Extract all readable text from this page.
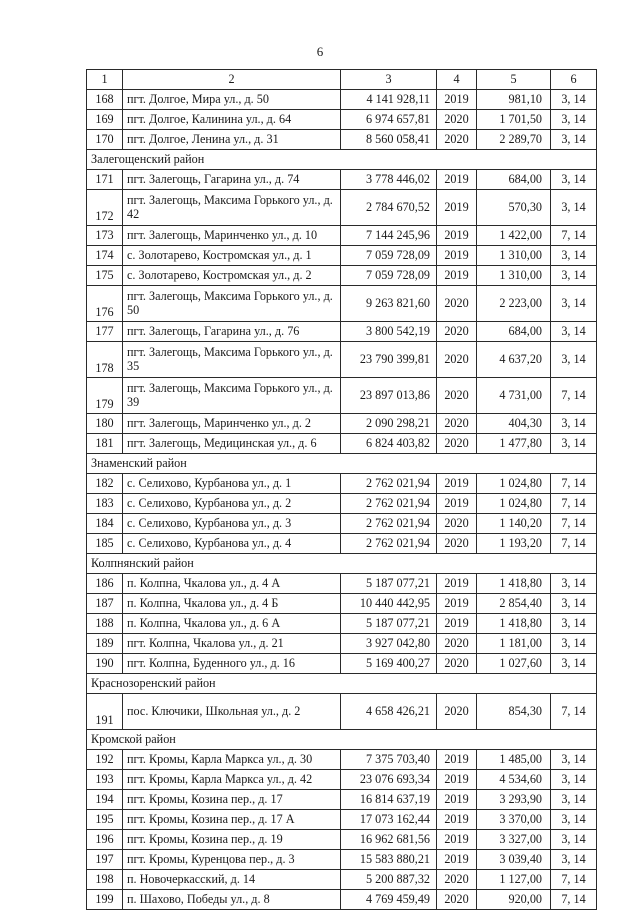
6
1	2	3	4	5	6
168	пгт. Долгое, Мира ул., д. 50	4 141 928,11	2019	981,10	3, 14
169	пгт. Долгое, Калинина ул., д. 64	6 974 657,81	2020	1 701,50	3, 14
170	пгт. Долгое, Ленина ул., д. 31	8 560 058,41	2020	2 289,70	3, 14
Залегощенский район					
171	пгт. Залегощь, Гагарина ул., д. 74	3 778 446,02	2019	684,00	3, 14
172	пгт. Залегощь, Максима Горького ул., д. 42	2 784 670,52	2019	570,30	3, 14
173	пгт. Залегощь, Маринченко ул., д. 10	7 144 245,96	2019	1 422,00	7, 14
174	с. Золотарево, Костромская ул., д. 1	7 059 728,09	2019	1 310,00	3, 14
175	с. Золотарево, Костромская ул., д. 2	7 059 728,09	2019	1 310,00	3, 14
176	пгт. Залегощь, Максима Горького ул., д. 50	9 263 821,60	2020	2 223,00	3, 14
177	пгт. Залегощь, Гагарина ул., д. 76	3 800 542,19	2020	684,00	3, 14
178	пгт. Залегощь, Максима Горького ул., д. 35	23 790 399,81	2020	4 637,20	3, 14
179	пгт. Залегощь, Максима Горького ул., д. 39	23 897 013,86	2020	4 731,00	7, 14
180	пгт. Залегощь, Маринченко ул., д. 2	2 090 298,21	2020	404,30	3, 14
181	пгт. Залегощь, Медицинская ул., д. 6	6 824 403,82	2020	1 477,80	3, 14
Знаменский район					
182	с. Селихово, Курбанова ул., д. 1	2 762 021,94	2019	1 024,80	7, 14
183	с. Селихово, Курбанова ул., д. 2	2 762 021,94	2019	1 024,80	7, 14
184	с. Селихово, Курбанова ул., д. 3	2 762 021,94	2020	1 140,20	7, 14
185	с. Селихово, Курбанова ул., д. 4	2 762 021,94	2020	1 193,20	7, 14
Колпнянский район					
186	п. Колпна, Чкалова ул., д. 4 А	5 187 077,21	2019	1 418,80	3, 14
187	п. Колпна, Чкалова ул., д. 4 Б	10 440 442,95	2019	2 854,40	3, 14
188	п. Колпна, Чкалова ул., д. 6 А	5 187 077,21	2019	1 418,80	3, 14
189	пгт. Колпна, Чкалова ул., д. 21	3 927 042,80	2020	1 181,00	3, 14
190	пгт. Колпна, Буденного ул., д. 16	5 169 400,27	2020	1 027,60	3, 14
Краснозоренский район					
191	пос. Ключики, Школьная ул., д. 2	4 658 426,21	2020	854,30	7, 14
Кромской район					
192	пгт. Кромы, Карла Маркса ул., д. 30	7 375 703,40	2019	1 485,00	3, 14
193	пгт. Кромы, Карла Маркса ул., д. 42	23 076 693,34	2019	4 534,60	3, 14
194	пгт. Кромы, Козина пер., д. 17	16 814 637,19	2019	3 293,90	3, 14
195	пгт. Кромы, Козина пер., д. 17 А	17 073 162,44	2019	3 370,00	3, 14
196	пгт. Кромы, Козина пер., д. 19	16 962 681,56	2019	3 327,00	3, 14
197	пгт. Кромы, Куренцова пер., д. 3	15 583 880,21	2019	3 039,40	3, 14
198	п. Новочеркасский, д. 14	5 200 887,32	2020	1 127,00	7, 14
199	п. Шахово, Победы ул., д. 8	4 769 459,49	2020	920,00	7, 14
